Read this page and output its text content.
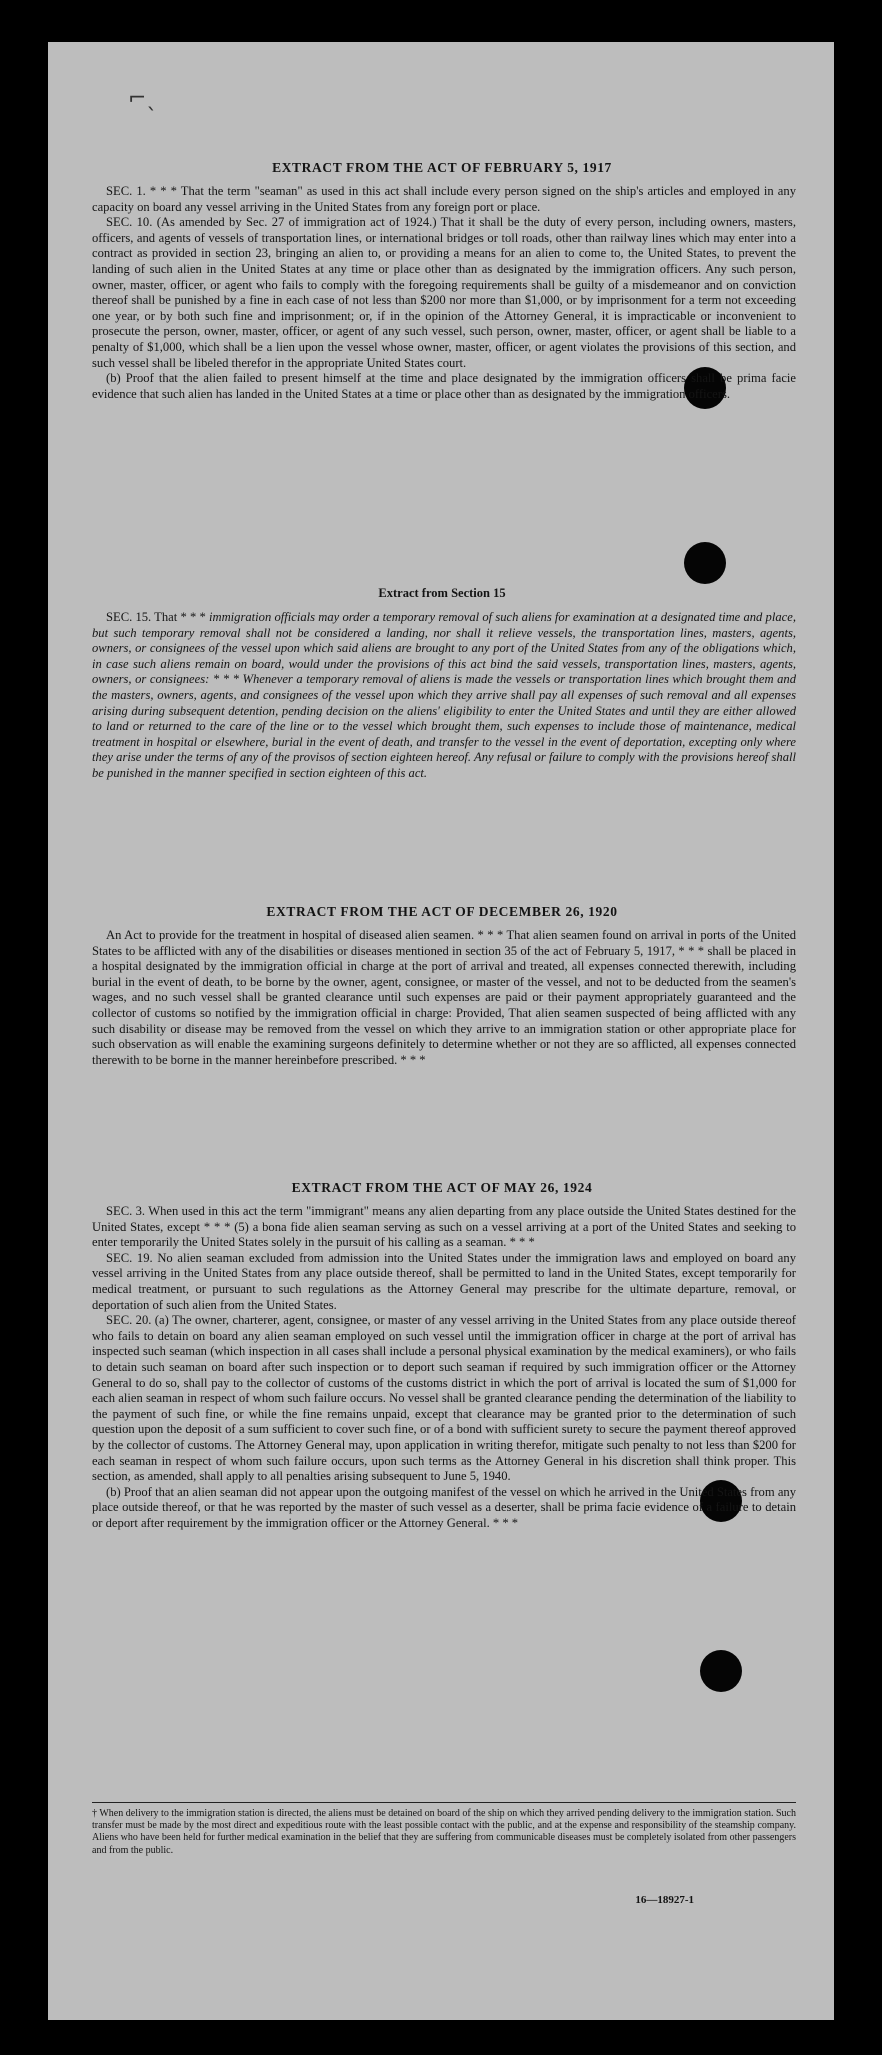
⌐ˎ
EXTRACT FROM THE ACT OF FEBRUARY 5, 1917

SEC. 1. * * * That the term "seaman" as used in this act shall include every person signed on the ship's articles and employed in any capacity on board any vessel arriving in the United States from any foreign port or place.

SEC. 10. (As amended by Sec. 27 of immigration act of 1924.) That it shall be the duty of every person, including owners, masters, officers, and agents of vessels of transportation lines, or international bridges or toll roads, other than railway lines which may enter into a contract as provided in section 23, bringing an alien to, or providing a means for an alien to come to, the United States, to prevent the landing of such alien in the United States at any time or place other than as designated by the immigration officers. Any such person, owner, master, officer, or agent who fails to comply with the foregoing requirements shall be guilty of a misdemeanor and on conviction thereof shall be punished by a fine in each case of not less than $200 nor more than $1,000, or by imprisonment for a term not exceeding one year, or by both such fine and imprisonment; or, if in the opinion of the Attorney General, it is impracticable or inconvenient to prosecute the person, owner, master, officer, or agent of any such vessel, such person, owner, master, officer, or agent shall be liable to a penalty of $1,000, which shall be a lien upon the vessel whose owner, master, officer, or agent violates the provisions of this section, and such vessel shall be libeled therefor in the appropriate United States court.

(b) Proof that the alien failed to present himself at the time and place designated by the immigration officers shall be prima facie evidence that such alien has landed in the United States at a time or place other than as designated by the immigration officers.

Extract from Section 15

SEC. 15. That * * * immigration officials may order a temporary removal of such aliens for examination at a designated time and place, but such temporary removal shall not be considered a landing, nor shall it relieve vessels, the transportation lines, masters, agents, owners, or consignees of the vessel upon which said aliens are brought to any port of the United States from any of the obligations which, in case such aliens remain on board, would under the provisions of this act bind the said vessels, transportation lines, masters, agents, owners, or consignees: * * * Whenever a temporary removal of aliens is made the vessels or transportation lines which brought them and the masters, owners, agents, and consignees of the vessel upon which they arrive shall pay all expenses of such removal and all expenses arising during subsequent detention, pending decision on the aliens' eligibility to enter the United States and until they are either allowed to land or returned to the care of the line or to the vessel which brought them, such expenses to include those of maintenance, medical treatment in hospital or elsewhere, burial in the event of death, and transfer to the vessel in the event of deportation, excepting only where they arise under the terms of any of the provisos of section eighteen hereof. Any refusal or failure to comply with the provisions hereof shall be punished in the manner specified in section eighteen of this act.

EXTRACT FROM THE ACT OF DECEMBER 26, 1920

An Act to provide for the treatment in hospital of diseased alien seamen. * * * That alien seamen found on arrival in ports of the United States to be afflicted with any of the disabilities or diseases mentioned in section 35 of the act of February 5, 1917, * * * shall be placed in a hospital designated by the immigration official in charge at the port of arrival and treated, all expenses connected therewith, including burial in the event of death, to be borne by the owner, agent, consignee, or master of the vessel, and not to be deducted from the seamen's wages, and no such vessel shall be granted clearance until such expenses are paid or their payment appropriately guaranteed and the collector of customs so notified by the immigration official in charge: Provided, That alien seamen suspected of being afflicted with any such disability or disease may be removed from the vessel on which they arrive to an immigration station or other appropriate place for such observation as will enable the examining surgeons definitely to determine whether or not they are so afflicted, all expenses connected therewith to be borne in the manner hereinbefore prescribed. * * *

EXTRACT FROM THE ACT OF MAY 26, 1924

SEC. 3. When used in this act the term "immigrant" means any alien departing from any place outside the United States destined for the United States, except * * * (5) a bona fide alien seaman serving as such on a vessel arriving at a port of the United States and seeking to enter temporarily the United States solely in the pursuit of his calling as a seaman. * * *

SEC. 19. No alien seaman excluded from admission into the United States under the immigration laws and employed on board any vessel arriving in the United States from any place outside thereof, shall be permitted to land in the United States, except temporarily for medical treatment, or pursuant to such regulations as the Attorney General may prescribe for the ultimate departure, removal, or deportation of such alien from the United States.

SEC. 20. (a) The owner, charterer, agent, consignee, or master of any vessel arriving in the United States from any place outside thereof who fails to detain on board any alien seaman employed on such vessel until the immigration officer in charge at the port of arrival has inspected such seaman (which inspection in all cases shall include a personal physical examination by the medical examiners), or who fails to detain such seaman on board after such inspection or to deport such seaman if required by such immigration officer or the Attorney General to do so, shall pay to the collector of customs of the customs district in which the port of arrival is located the sum of $1,000 for each alien seaman in respect of whom such failure occurs. No vessel shall be granted clearance pending the determination of the liability to the payment of such fine, or while the fine remains unpaid, except that clearance may be granted prior to the determination of such question upon the deposit of a sum sufficient to cover such fine, or of a bond with sufficient surety to secure the payment thereof approved by the collector of customs. The Attorney General may, upon application in writing therefor, mitigate such penalty to not less than $200 for each seaman in respect of whom such failure occurs, upon such terms as the Attorney General in his discretion shall think proper. This section, as amended, shall apply to all penalties arising subsequent to June 5, 1940.

(b) Proof that an alien seaman did not appear upon the outgoing manifest of the vessel on which he arrived in the United States from any place outside thereof, or that he was reported by the master of such vessel as a deserter, shall be prima facie evidence of a failure to detain or deport after requirement by the immigration officer or the Attorney General. * * *

† When delivery to the immigration station is directed, the aliens must be detained on board of the ship on which they arrived pending delivery to the immigration station. Such transfer must be made by the most direct and expeditious route with the least possible contact with the public, and at the expense and responsibility of the steamship company. Aliens who have been held for further medical examination in the belief that they are suffering from communicable diseases must be completely isolated from other passengers and from the public.
16—18927-1
